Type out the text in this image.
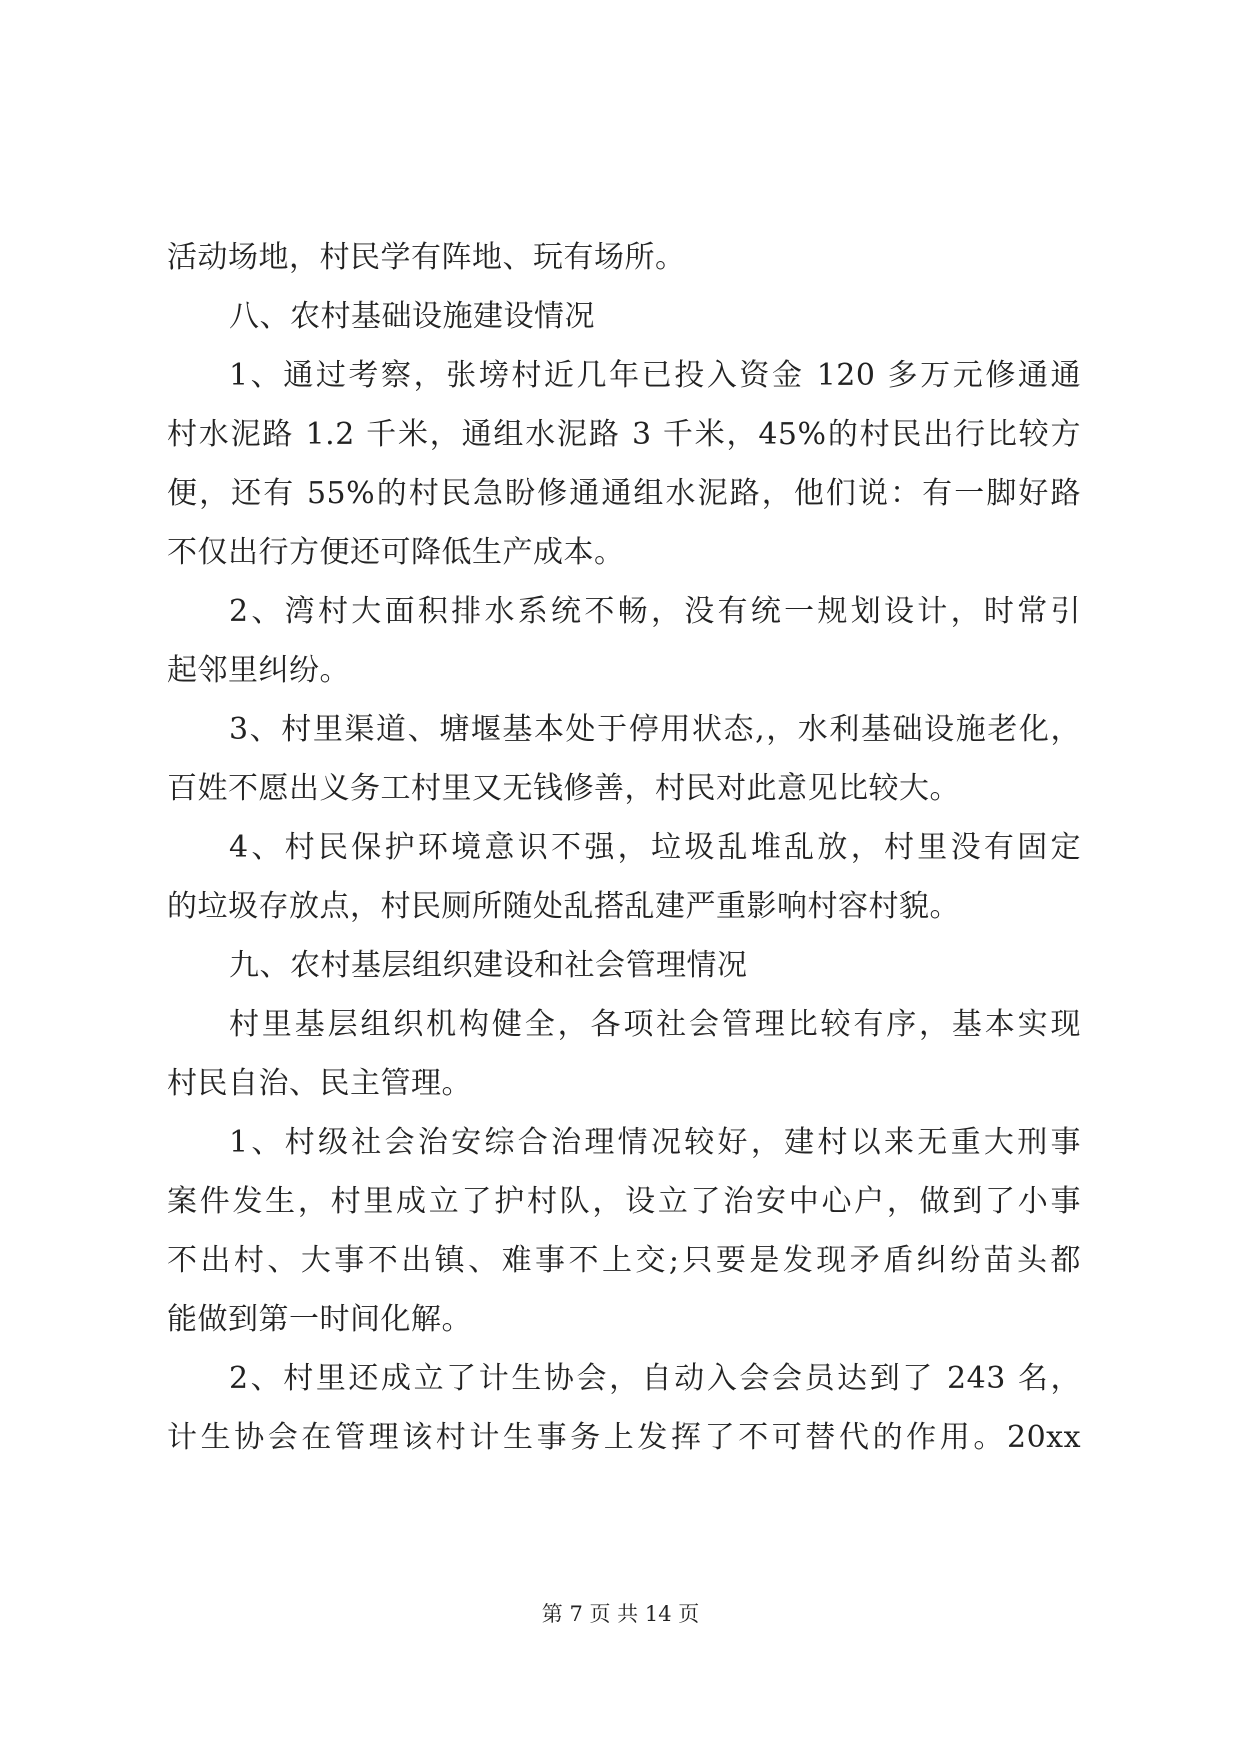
活动场地，村民学有阵地、玩有场所。
八、农村基础设施建设情况
1、通过考察，张塝村近几年已投入资金 120 多万元修通通
村水泥路 1.2 千米，通组水泥路 3 千米，45%的村民出行比较方
便，还有 55%的村民急盼修通通组水泥路，他们说：有一脚好路
不仅出行方便还可降低生产成本。
2、湾村大面积排水系统不畅，没有统一规划设计，时常引
起邻里纠纷。
3、村里渠道、塘堰基本处于停用状态,，水利基础设施老化，
百姓不愿出义务工村里又无钱修善，村民对此意见比较大。
4、村民保护环境意识不强，垃圾乱堆乱放，村里没有固定
的垃圾存放点，村民厕所随处乱搭乱建严重影响村容村貌。
九、农村基层组织建设和社会管理情况
村里基层组织机构健全，各项社会管理比较有序，基本实现
村民自治、民主管理。
1、村级社会治安综合治理情况较好，建村以来无重大刑事
案件发生，村里成立了护村队，设立了治安中心户，做到了小事
不出村、大事不出镇、难事不上交;只要是发现矛盾纠纷苗头都
能做到第一时间化解。
2、村里还成立了计生协会，自动入会会员达到了 243 名，
计生协会在管理该村计生事务上发挥了不可替代的作用。20xx
第 7 页 共 14 页
